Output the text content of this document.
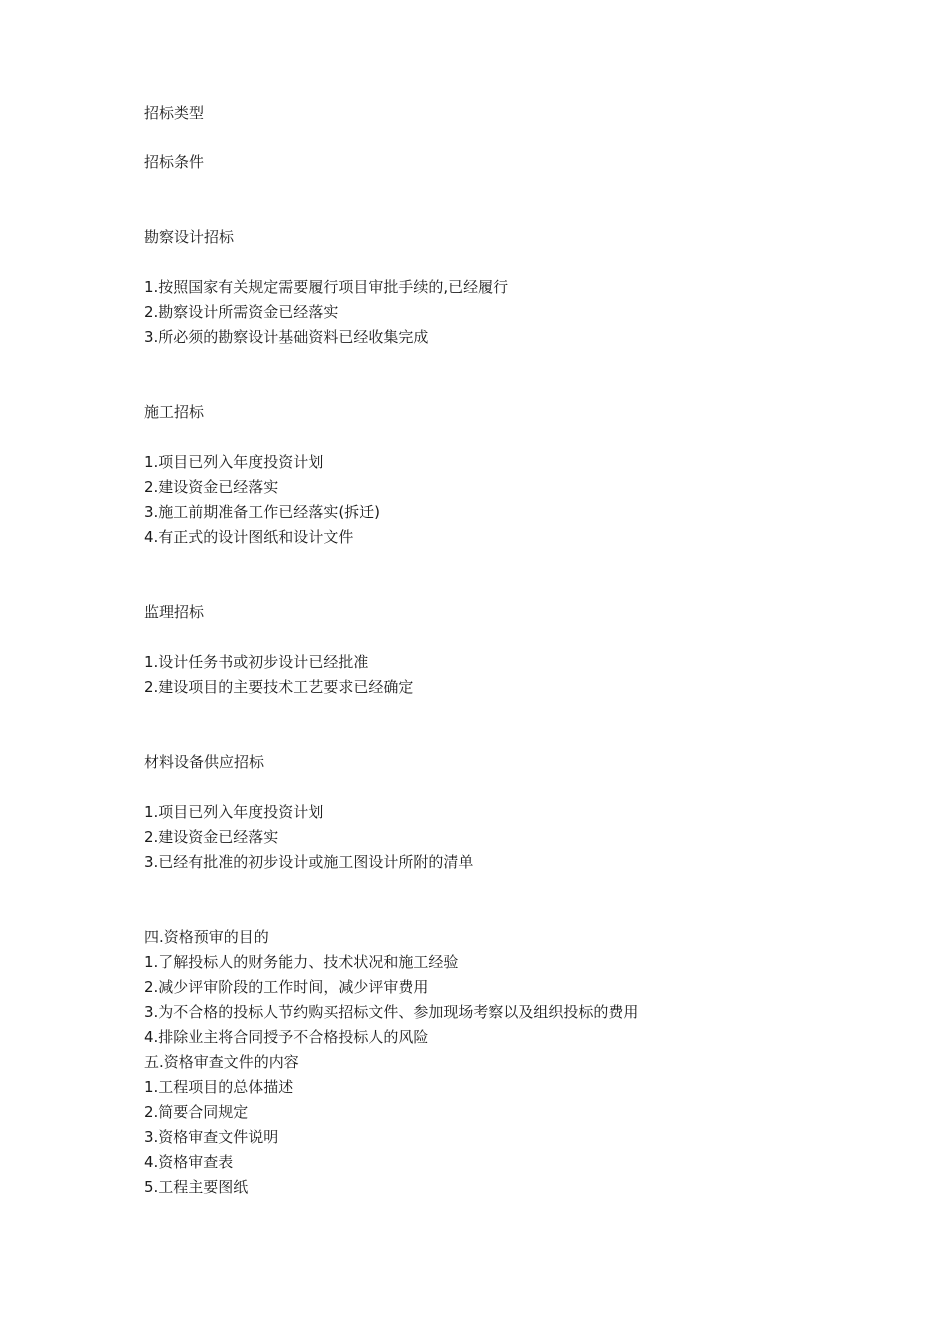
招标类型
招标条件
勘察设计招标
1.按照国家有关规定需要履行项目审批手续的,已经履行
2.勘察设计所需资金已经落实
3.所必须的勘察设计基础资料已经收集完成
施工招标
1.项目已列入年度投资计划
2.建设资金已经落实
3.施工前期准备工作已经落实(拆迁)
4.有正式的设计图纸和设计文件
监理招标
1.设计任务书或初步设计已经批准
2.建设项目的主要技术工艺要求已经确定
材料设备供应招标
1.项目已列入年度投资计划
2.建设资金已经落实
3.已经有批准的初步设计或施工图设计所附的清单
四.资格预审的目的
1.了解投标人的财务能力、技术状况和施工经验
2.减少评审阶段的工作时间，减少评审费用
3.为不合格的投标人节约购买招标文件、参加现场考察以及组织投标的费用
4.排除业主将合同授予不合格投标人的风险
五.资格审查文件的内容
1.工程项目的总体描述
2.简要合同规定
3.资格审查文件说明
4.资格审查表
5.工程主要图纸
